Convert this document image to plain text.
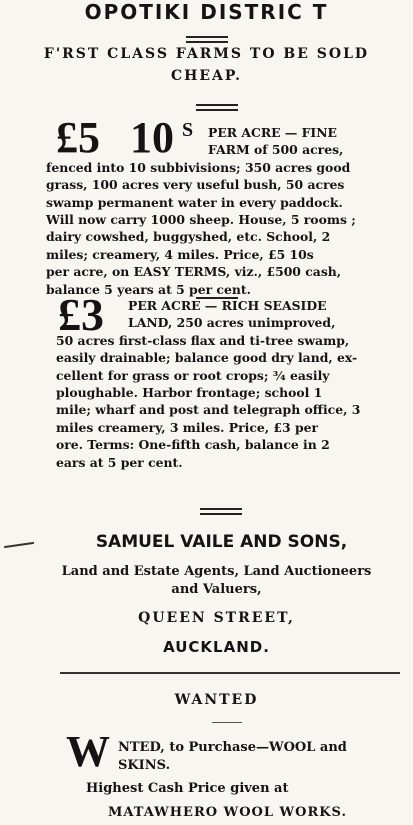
OPOTIKI DISTRIC T
F'RST CLASS FARMS TO BE SOLD
CHEAP.
£5 10 S PER ACRE — FINE
FARM of 500 acres,
fenced into 10 subbivisions; 350 acres good
grass, 100 acres very useful bush, 50 acres
swamp permanent water in every paddock.
Will now carry 1000 sheep. House, 5 rooms ;
dairy cowshed, buggyshed, etc. School, 2
miles; creamery, 4 miles. Price, £5 10s
per acre, on EASY TERMS, viz., £500 cash,
balance 5 years at 5 per cent.
£3 PER ACRE — RICH SEASIDE
LAND, 250 acres unimproved,
50 acres first-class flax and ti-tree swamp,
easily drainable; balance good dry land, ex-
cellent for grass or root crops; ¾ easily
ploughable. Harbor frontage; school 1
mile; wharf and post and telegraph office, 3
miles creamery, 3 miles. Price, £3 per
ore. Terms: One-fifth cash, balance in 2
ears at 5 per cent.
SAMUEL VAILE AND SONS,
Land and Estate Agents, Land Auctioneers
and Valuers,
QUEEN STREET,
AUCKLAND.
WANTED
W NTED, to Purchase—WOOL and
SKINS.
Highest Cash Price given at
MATAWHERO WOOL WORKS.
